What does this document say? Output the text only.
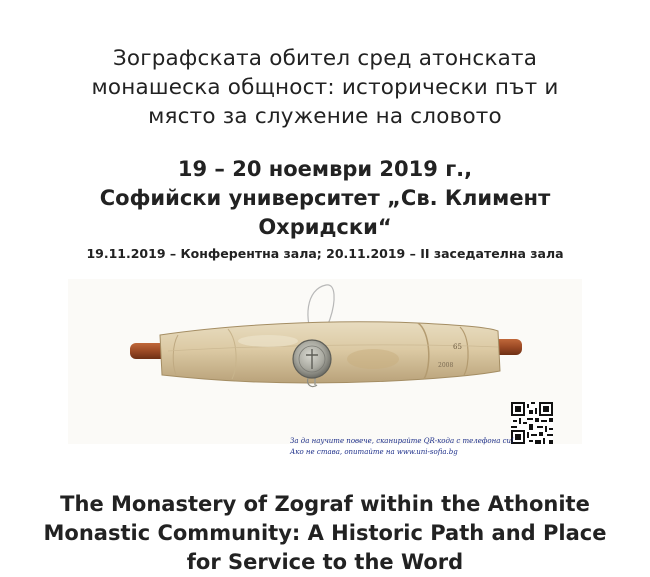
Зографската обител сред атонската
монашеска общност: исторически път и
място за служение на словото
19 – 20 ноември 2019 г.,
Софийски университет „Св. Климент
Охридски“
19.11.2019 – Конферентна зала; 20.11.2019 – II заседателна зала
65
2008
За да научите повече, сканирайте QR-кода с телефона си!
Ако не става, опитайте на www.uni-sofia.bg
The Monastery of Zograf within the Athonite
Monastic Community: A Historic Path and Place
for Service to the Word
